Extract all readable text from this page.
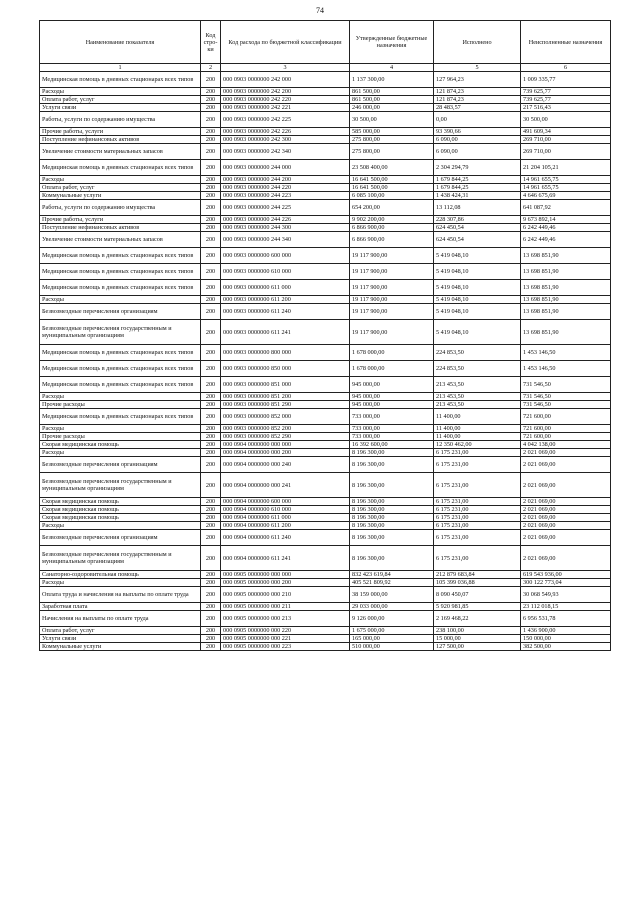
74
Наименование показателя	Код стро-ки	Код расхода по бюджетной классификации	Утвержденные бюджетные назначения	Исполнено	Неисполненные назначения
1	2	3	4	5	6
Медицинская помощь в дневных стационарах всех типов	200	000 0903 0000000 242 000	1 137 300,00	127 964,23	1 009 335,77
Расходы	200	000 0903 0000000 242 200	861 500,00	121 874,23	739 625,77
Оплата работ, услуг	200	000 0903 0000000 242 220	861 500,00	121 874,23	739 625,77
Услуги связи	200	000 0903 0000000 242 221	246 000,00	28 483,57	217 516,43
Работы, услуги по содержанию имущества	200	000 0903 0000000 242 225	30 500,00	0,00	30 500,00
Прочие работы, услуги	200	000 0903 0000000 242 226	585 000,00	93 390,66	491 609,34
Поступление нефинансовых активов	200	000 0903 0000000 242 300	275 800,00	6 090,00	269 710,00
Увеличение стоимости материальных запасов	200	000 0903 0000000 242 340	275 800,00	6 090,00	269 710,00
Медицинская помощь в дневных стационарах всех типов	200	000 0903 0000000 244 000	23 508 400,00	2 304 294,79	21 204 105,21
Расходы	200	000 0903 0000000 244 200	16 641 500,00	1 679 844,25	14 961 655,75
Оплата работ, услуг	200	000 0903 0000000 244 220	16 641 500,00	1 679 844,25	14 961 655,75
Коммунальные услуги	200	000 0903 0000000 244 223	6 085 100,00	1 438 424,31	4 646 675,69
Работы, услуги по содержанию имущества	200	000 0903 0000000 244 225	654 200,00	13 112,08	641 087,92
Прочие работы, услуги	200	000 0903 0000000 244 226	9 902 200,00	228 307,86	9 673 892,14
Поступление нефинансовых активов	200	000 0903 0000000 244 300	6 866 900,00	624 450,54	6 242 449,46
Увеличение стоимости материальных запасов	200	000 0903 0000000 244 340	6 866 900,00	624 450,54	6 242 449,46
Медицинская помощь в дневных стационарах всех типов	200	000 0903 0000000 600 000	19 117 900,00	5 419 048,10	13 698 851,90
Медицинская помощь в дневных стационарах всех типов	200	000 0903 0000000 610 000	19 117 900,00	5 419 048,10	13 698 851,90
Медицинская помощь в дневных стационарах всех типов	200	000 0903 0000000 611 000	19 117 900,00	5 419 048,10	13 698 851,90
Расходы	200	000 0903 0000000 611 200	19 117 900,00	5 419 048,10	13 698 851,90
Безвозмездные перечисления организациям	200	000 0903 0000000 611 240	19 117 900,00	5 419 048,10	13 698 851,90
Безвозмездные перечисления государственным и муниципальным организациям	200	000 0903 0000000 611 241	19 117 900,00	5 419 048,10	13 698 851,90
Медицинская помощь в дневных стационарах всех типов	200	000 0903 0000000 800 000	1 678 000,00	224 853,50	1 453 146,50
Медицинская помощь в дневных стационарах всех типов	200	000 0903 0000000 850 000	1 678 000,00	224 853,50	1 453 146,50
Медицинская помощь в дневных стационарах всех типов	200	000 0903 0000000 851 000	945 000,00	213 453,50	731 546,50
Расходы	200	000 0903 0000000 851 200	945 000,00	213 453,50	731 546,50
Прочие расходы	200	000 0903 0000000 851 290	945 000,00	213 453,50	731 546,50
Медицинская помощь в дневных стационарах всех типов	200	000 0903 0000000 852 000	733 000,00	11 400,00	721 600,00
Расходы	200	000 0903 0000000 852 200	733 000,00	11 400,00	721 600,00
Прочие расходы	200	000 0903 0000000 852 290	733 000,00	11 400,00	721 600,00
Скорая медицинская помощь	200	000 0904 0000000 000 000	16 392 600,00	12 350 462,00	4 042 138,00
Расходы	200	000 0904 0000000 000 200	8 196 300,00	6 175 231,00	2 021 069,00
Безвозмездные перечисления организациям	200	000 0904 0000000 000 240	8 196 300,00	6 175 231,00	2 021 069,00
Безвозмездные перечисления государственным и муниципальным организациям	200	000 0904 0000000 000 241	8 196 300,00	6 175 231,00	2 021 069,00
Скорая медицинская помощь	200	000 0904 0000000 600 000	8 196 300,00	6 175 231,00	2 021 069,00
Скорая медицинская помощь	200	000 0904 0000000 610 000	8 196 300,00	6 175 231,00	2 021 069,00
Скорая медицинская помощь	200	000 0904 0000000 611 000	8 196 300,00	6 175 231,00	2 021 069,00
Расходы	200	000 0904 0000000 611 200	8 196 300,00	6 175 231,00	2 021 069,00
Безвозмездные перечисления организациям	200	000 0904 0000000 611 240	8 196 300,00	6 175 231,00	2 021 069,00
Безвозмездные перечисления государственным и муниципальным организациям	200	000 0904 0000000 611 241	8 196 300,00	6 175 231,00	2 021 069,00
Санаторно-оздоровительная помощь	200	000 0905 0000000 000 000	832 423 619,84	212 879 683,84	619 543 936,00
Расходы	200	000 0905 0000000 000 200	405 521 809,92	105 399 036,88	300 122 773,04
Оплата труда и начисления на выплаты по оплате труда	200	000 0905 0000000 000 210	38 159 000,00	8 090 450,07	30 068 549,93
Заработная плата	200	000 0905 0000000 000 211	29 033 000,00	5 920 981,85	23 112 018,15
Начисления на выплаты по оплате труда	200	000 0905 0000000 000 213	9 126 000,00	2 169 468,22	6 956 531,78
Оплата работ, услуг	200	000 0905 0000000 000 220	1 675 000,00	238 100,00	1 436 900,00
Услуги связи	200	000 0905 0000000 000 221	165 000,00	15 000,00	150 000,00
Коммунальные услуги	200	000 0905 0000000 000 223	510 000,00	127 500,00	382 500,00
